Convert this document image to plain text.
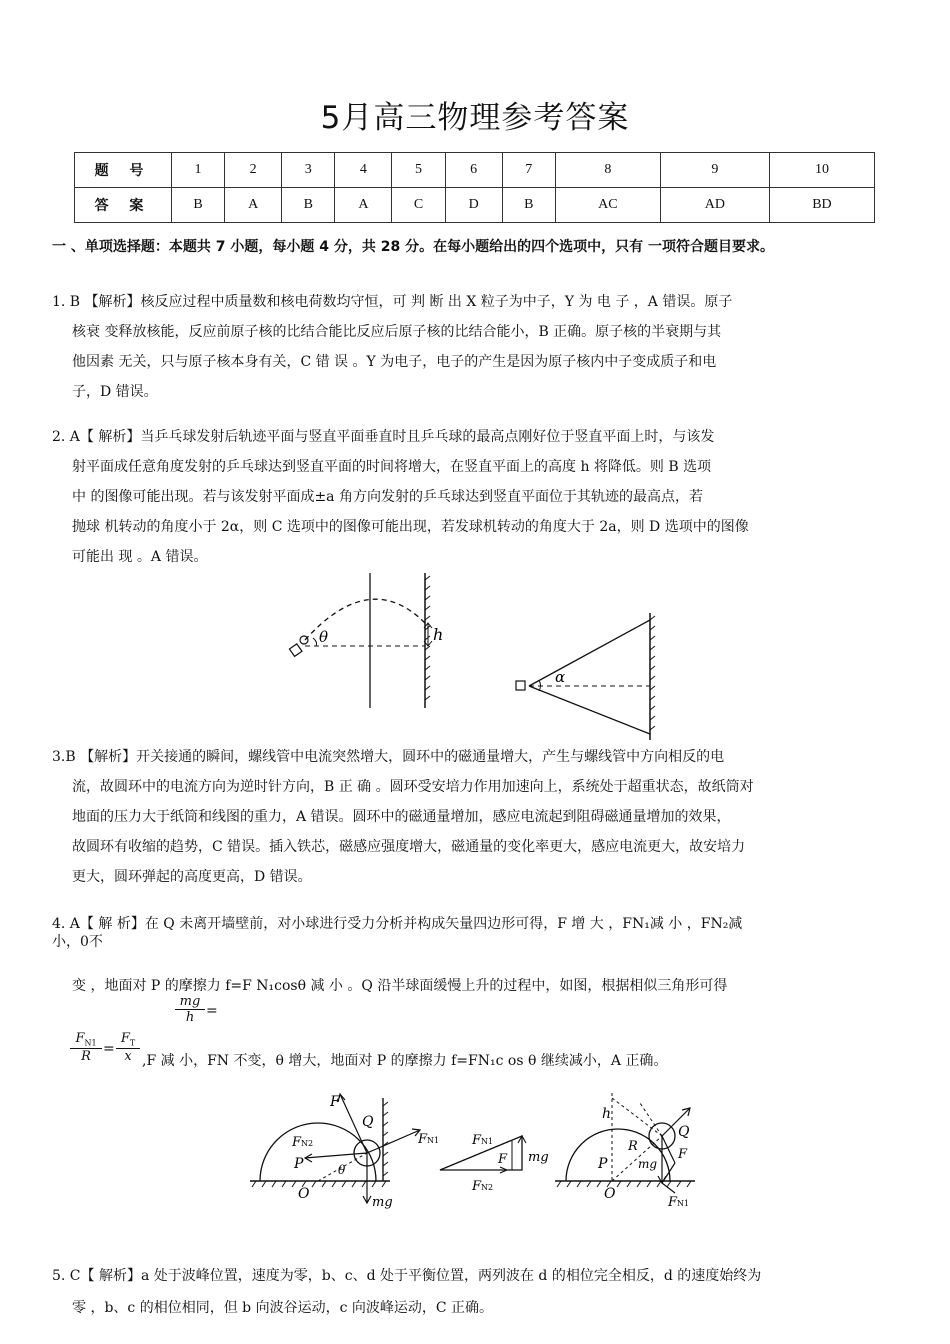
5月高三物理参考答案
题 号	1	2	3	4	5	6	7	8	9	10
答 案	B	A	B	A	C	D	B	AC	AD	BD
一 、单项选择题：本题共 7 小题，每小题 4 分，共 28 分。在每小题给出的四个选项中，只有 一项符合题目要求。
1. B 【解析】核反应过程中质量数和核电荷数均守恒，可 判 断 出 X 粒子为中子，Y 为 电 子 ，A 错误。原子
核衰 变释放核能，反应前原子核的比结合能比反应后原子核的比结合能小，B 正确。原子核的半衰期与其
他因素 无关，只与原子核本身有关，C 错 误 。Y 为电子，电子的产生是因为原子核内中子变成质子和电
子，D 错误。
2. A【 解析】当乒乓球发射后轨迹平面与竖直平面垂直时且乒乓球的最高点刚好位于竖直平面上时，与该发
射平面成任意角度发射的乒乓球达到竖直平面的时间将增大，在竖直平面上的高度 h 将降低。则 B 选项
中 的图像可能出现。若与该发射平面成±a 角方向发射的乒乓球达到竖直平面位于其轨迹的最高点，若
抛球 机转动的角度小于 2α，则 C 选项中的图像可能出现，若发球机转动的角度大于 2a，则 D 选项中的图像
可能出 现 。A 错误。
θ	h
α
3.B 【解析】开关接通的瞬间，螺线管中电流突然增大，圆环中的磁通量增大，产生与螺线管中方向相反的电
流，故圆环中的电流方向为逆时针方向，B 正 确 。圆环受安培力作用加速向上，系统处于超重状态，故纸筒对
地面的压力大于纸筒和线图的重力，A 错误。圆环中的磁通量增加，感应电流起到阻碍磁通量增加的效果，
故圆环有收缩的趋势，C 错误。插入铁芯，磁感应强度增大，磁通量的变化率更大，感应电流更大，故安培力
更大，圆环弹起的高度更高，D 错误。
4. A【 解 析】在 Q 未离开墙壁前，对小球进行受力分析并构成矢量四边形可得，F 增 大 ，FN₁减 小 ，FN₂减
小，0不
变 ，地面对 P 的摩擦力 f=F N₁cosθ 减 小 。Q 沿半球面缓慢上升的过程中，如图，根据相似三角形可得
$\frac{mg}{h}$ =
$\frac{F_{N1}}{R} = \frac{F_T}{x} ,F$ 减 小，FN 不变，θ 增大，地面对 P 的摩擦力 f=FN₁c os θ 继续减小，A 正确。
F
Q
FN1
FN2
P	θ
O
mg
FN1
F mg
FN2
h
Q
R
P	mg
F
O
FN1
5. C【 解析】a 处于波峰位置，速度为零，b、c、d 处于平衡位置，两列波在 d 的相位完全相反，d 的速度始终为
零 ，b、c 的相位相同，但 b 向波谷运动，c 向波峰运动，C 正确。
